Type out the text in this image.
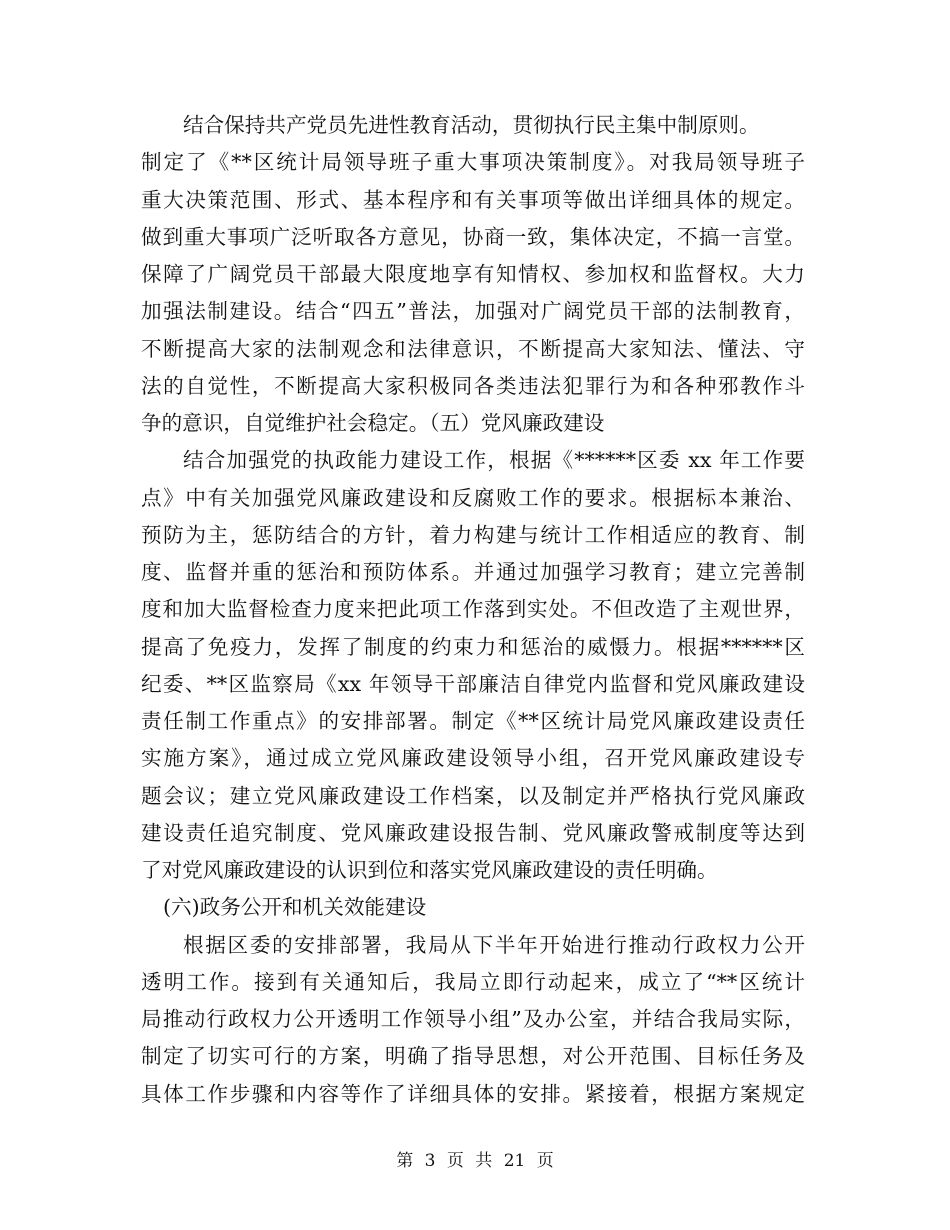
结合保持共产党员先进性教育活动，贯彻执行民主集中制原则。
制定了《**区统计局领导班子重大事项决策制度》。对我局领导班子
重大决策范围、形式、基本程序和有关事项等做出详细具体的规定。
做到重大事项广泛听取各方意见，协商一致，集体决定，不搞一言堂。
保障了广阔党员干部最大限度地享有知情权、参加权和监督权。大力
加强法制建设。结合“四五”普法，加强对广阔党员干部的法制教育，
不断提高大家的法制观念和法律意识，不断提高大家知法、懂法、守
法的自觉性，不断提高大家积极同各类违法犯罪行为和各种邪教作斗
争的意识，自觉维护社会稳定。（五）党风廉政建设
结合加强党的执政能力建设工作，根据《******区委 xx 年工作要
点》中有关加强党风廉政建设和反腐败工作的要求。根据标本兼治、
预防为主，惩防结合的方针，着力构建与统计工作相适应的教育、制
度、监督并重的惩治和预防体系。并通过加强学习教育；建立完善制
度和加大监督检查力度来把此项工作落到实处。不但改造了主观世界，
提高了免疫力，发挥了制度的约束力和惩治的威慑力。根据******区
纪委、**区监察局《xx 年领导干部廉洁自律党内监督和党风廉政建设
责任制工作重点》的安排部署。制定《**区统计局党风廉政建设责任
实施方案》，通过成立党风廉政建设领导小组，召开党风廉政建设专
题会议；建立党风廉政建设工作档案，以及制定并严格执行党风廉政
建设责任追究制度、党风廉政建设报告制、党风廉政警戒制度等达到
了对党风廉政建设的认识到位和落实党风廉政建设的责任明确。
(六)政务公开和机关效能建设
根据区委的安排部署，我局从下半年开始进行推动行政权力公开
透明工作。接到有关通知后，我局立即行动起来，成立了“**区统计
局推动行政权力公开透明工作领导小组”及办公室，并结合我局实际，
制定了切实可行的方案，明确了指导思想，对公开范围、目标任务及
具体工作步骤和内容等作了详细具体的安排。紧接着，根据方案规定
第 3 页 共 21 页
